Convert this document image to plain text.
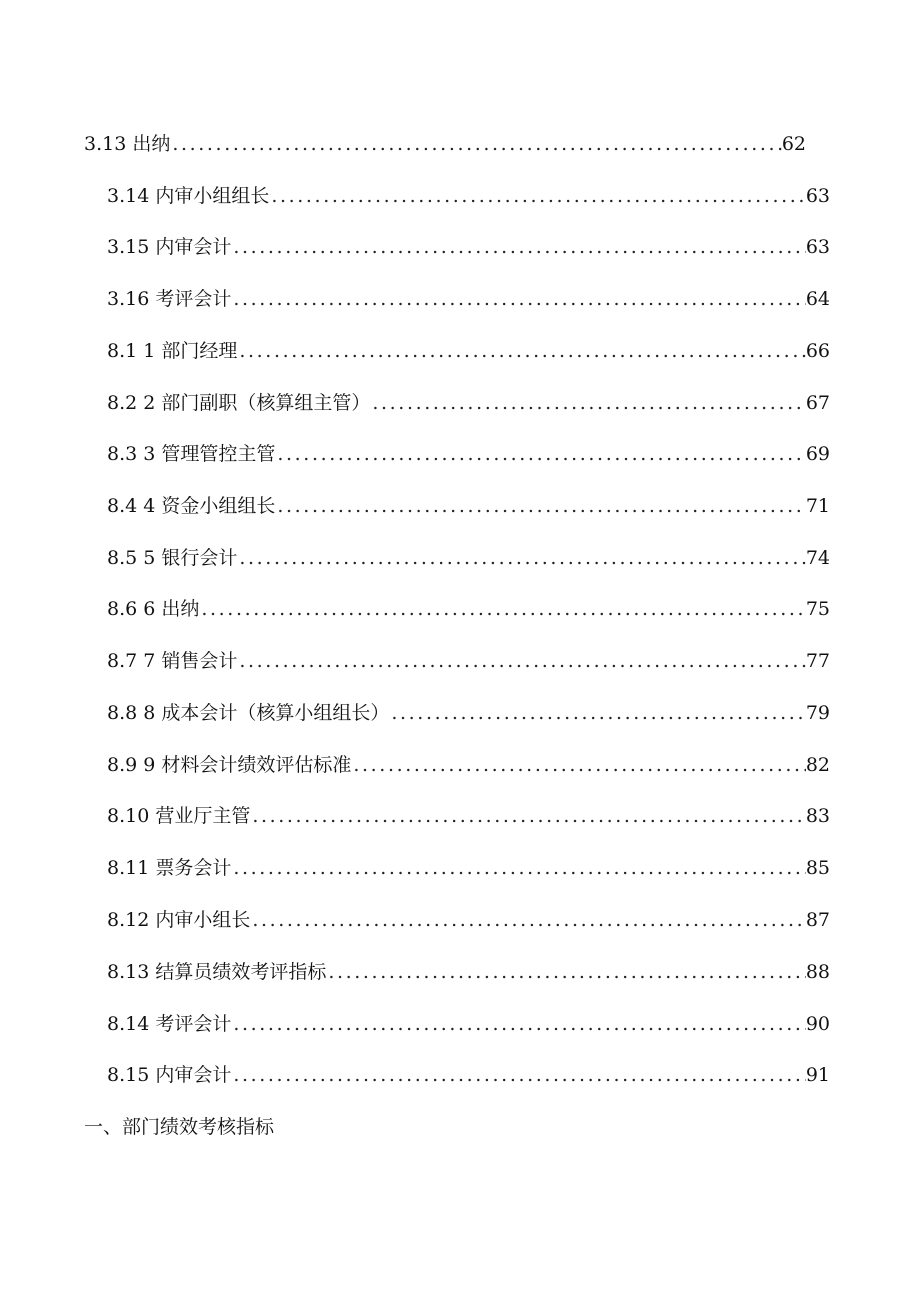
3.13 出纳 .....	62
3.14 内审小组组长 .....	63
3.15 内审会计 .....	63
3.16 考评会计 .....	64
8.1 1 部门经理 .....	66
8.2 2 部门副职（核算组主管） .....	67
8.3 3 管理管控主管 .....	69
8.4 4 资金小组组长 .....	71
8.5 5 银行会计 .....	74
8.6 6 出纳 .....	75
8.7 7 销售会计 .....	77
8.8 8 成本会计（核算小组组长） .....	79
8.9 9 材料会计绩效评估标准 .....	82
8.10 营业厅主管 .....	83
8.11 票务会计 .....	85
8.12 内审小组长 .....	87
8.13 结算员绩效考评指标 .....	88
8.14 考评会计 .....	90
8.15 内审会计 .....	91
一、部门绩效考核指标
